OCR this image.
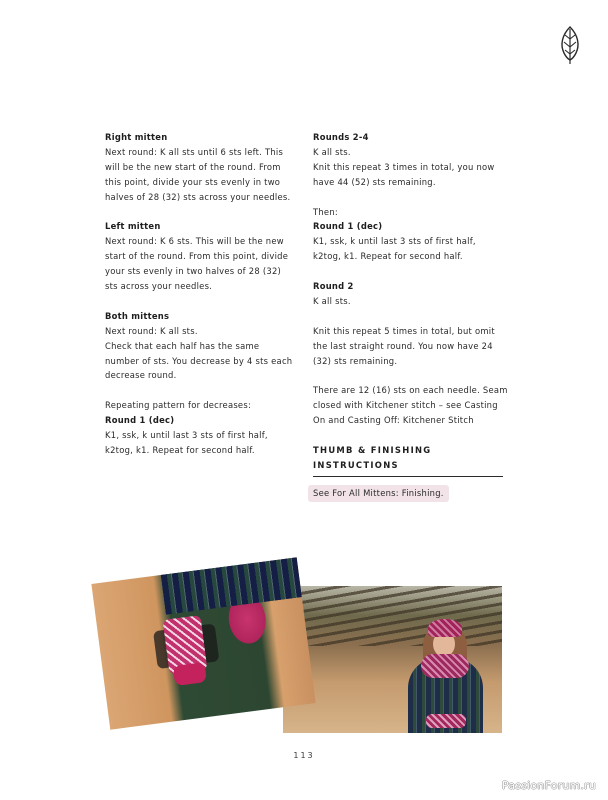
Right mitten

Next round: K all sts until 6 sts left. This

will be the new start of the round. From

this point, divide your sts evenly in two

halves of 28 (32) sts across your needles.

Left mitten

Next round: K 6 sts. This will be the new

start of the round. From this point, divide

your sts evenly in two halves of 28 (32)

sts across your needles.

Both mittens

Next round: K all sts.

Check that each half has the same

number of sts. You decrease by 4 sts each

decrease round.

Repeating pattern for decreases:

Round 1 (dec)

K1, ssk, k until last 3 sts of first half,

k2tog, k1. Repeat for second half.

Rounds 2-4

K all sts.

Knit this repeat 3 times in total, you now

have 44 (52) sts remaining.

Then:

Round 1 (dec)

K1, ssk, k until last 3 sts of first half,

k2tog, k1. Repeat for second half.

Round 2

K all sts.

Knit this repeat 5 times in total, but omit

the last straight round. You now have 24

(32) sts remaining.

There are 12 (16) sts on each needle. Seam

closed with Kitchener stitch – see Casting

On and Casting Off: Kitchener Stitch

THUMB & FINISHING
INSTRUCTIONS
See For All Mittens: Finishing.
113
PassionForum.ru
